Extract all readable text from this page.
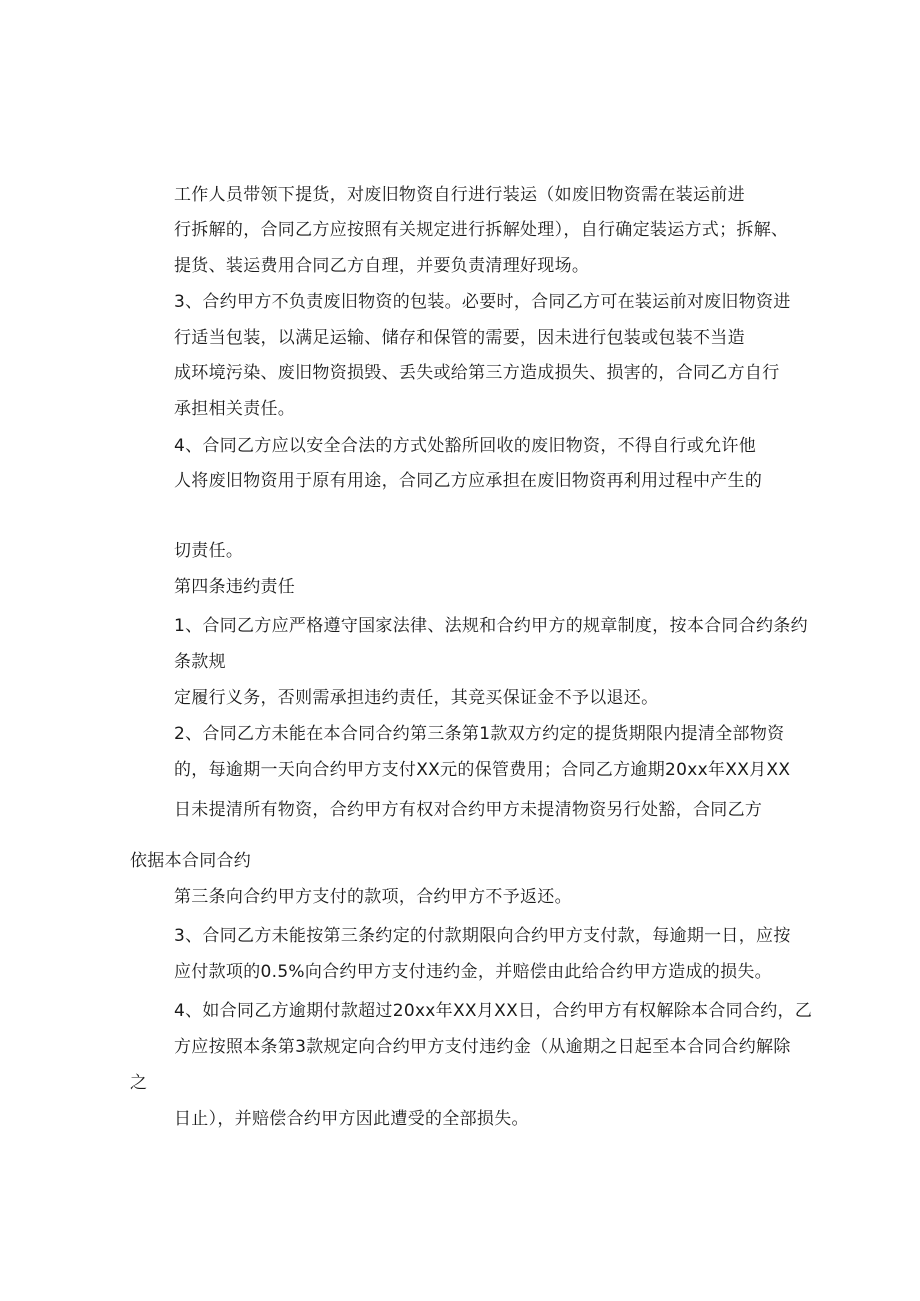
工作人员带领下提货，对废旧物资自行进行装运（如废旧物资需在装运前进
行拆解的，合同乙方应按照有关规定进行拆解处理），自行确定装运方式；拆解、
提货、装运费用合同乙方自理，并要负责清理好现场。
3、合约甲方不负责废旧物资的包装。必要时，合同乙方可在装运前对废旧物资进
行适当包装，以满足运输、储存和保管的需要，因未进行包装或包装不当造
成环境污染、废旧物资损毁、丢失或给第三方造成损失、损害的，合同乙方自行
承担相关责任。
4、合同乙方应以安全合法的方式处豁所回收的废旧物资，不得自行或允许他
人将废旧物资用于原有用途，合同乙方应承担在废旧物资再利用过程中产生的
切责任。
第四条违约责任
1、合同乙方应严格遵守国家法律、法规和合约甲方的规章制度，按本合同合约条约
条款规
定履行义务，否则需承担违约责任，其竞买保证金不予以退还。
2、合同乙方未能在本合同合约第三条第1款双方约定的提货期限内提清全部物资
的，每逾期一天向合约甲方支付XX元的保管费用；合同乙方逾期20xx年XX月XX
日未提清所有物资，合约甲方有权对合约甲方未提清物资另行处豁，合同乙方
依据本合同合约
第三条向合约甲方支付的款项，合约甲方不予返还。
3、合同乙方未能按第三条约定的付款期限向合约甲方支付款，每逾期一日，应按
应付款项的0.5%向合约甲方支付违约金，并赔偿由此给合约甲方造成的损失。
4、如合同乙方逾期付款超过20xx年XX月XX日，合约甲方有权解除本合同合约，乙
方应按照本条第3款规定向合约甲方支付违约金（从逾期之日起至本合同合约解除
之
日止），并赔偿合约甲方因此遭受的全部损失。
